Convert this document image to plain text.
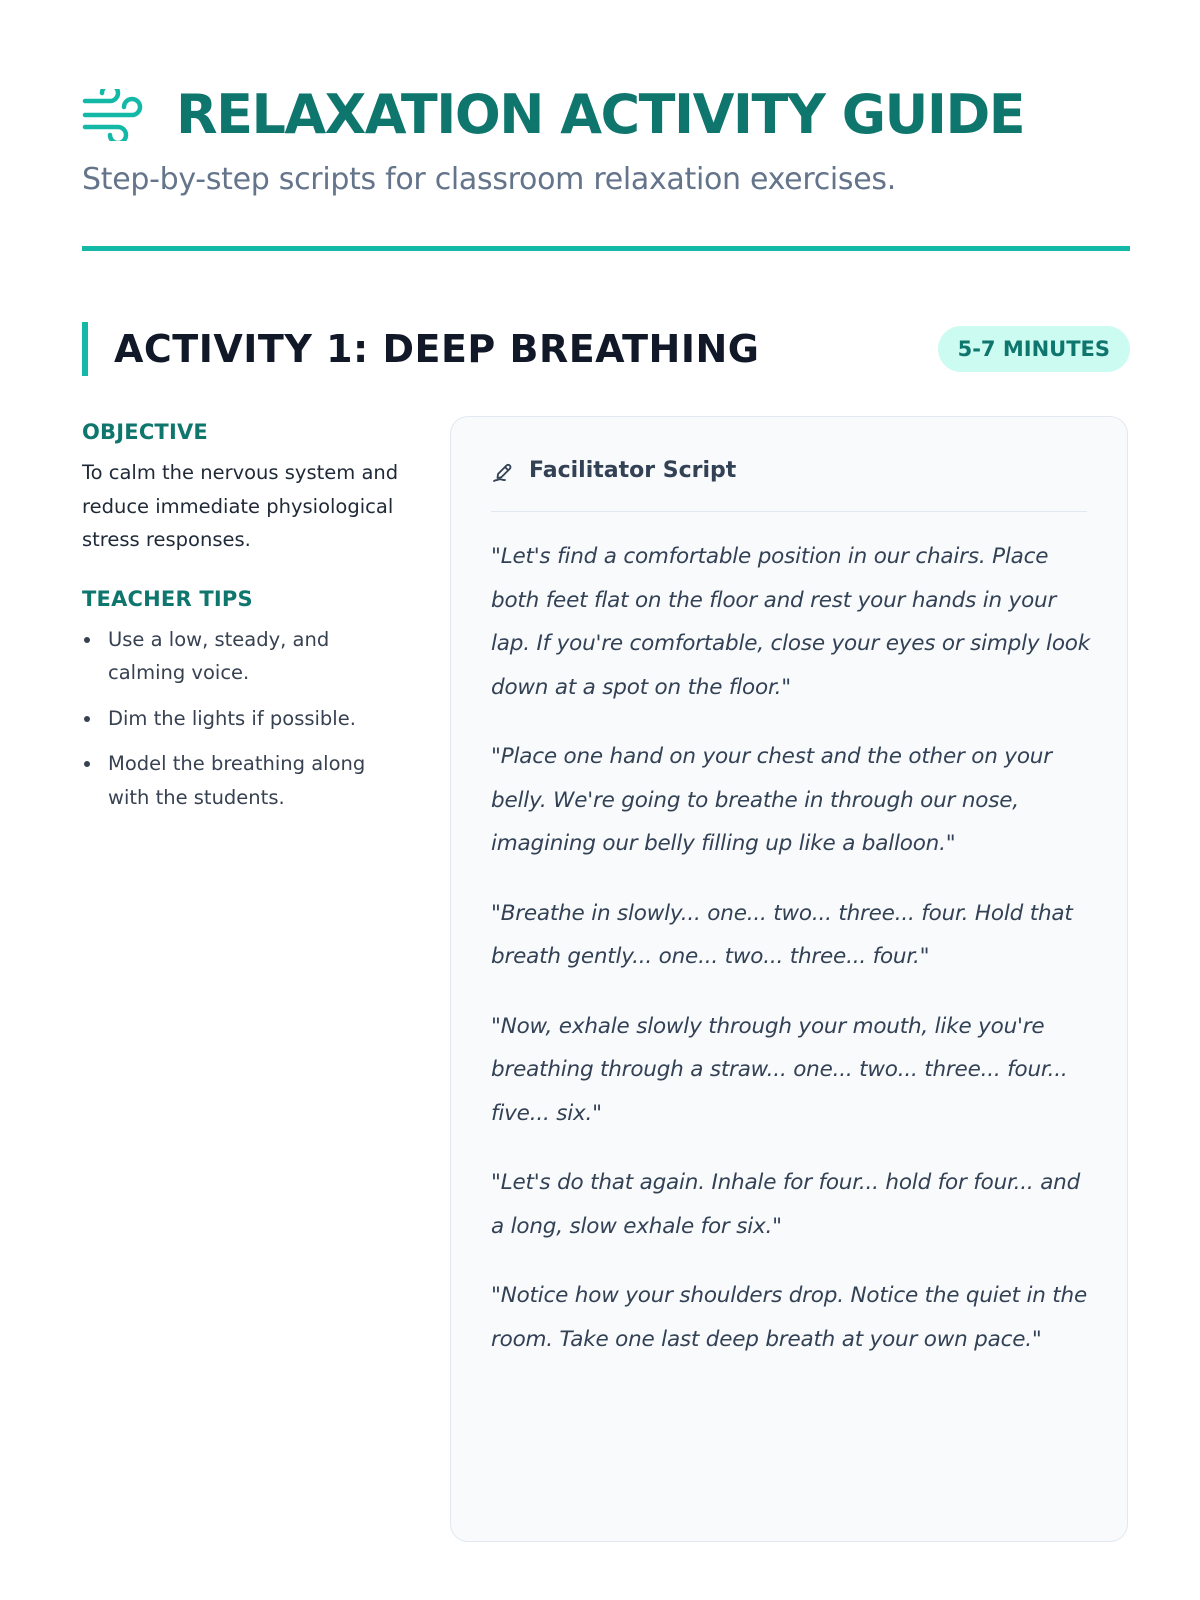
RELAXATION ACTIVITY GUIDE
Step-by-step scripts for classroom relaxation exercises.
ACTIVITY 1: DEEP BREATHING	5-7 MINUTES
OBJECTIVE
To calm the nervous system and reduce immediate physiological stress responses.
TEACHER TIPS
Use a low, steady, and calming voice.
Dim the lights if possible.
Model the breathing along with the students.
Facilitator Script

"Let's find a comfortable position in our chairs. Place both feet flat on the floor and rest your hands in your lap. If you're comfortable, close your eyes or simply look down at a spot on the floor."

"Place one hand on your chest and the other on your belly. We're going to breathe in through our nose, imagining our belly filling up like a balloon."

"Breathe in slowly... one... two... three... four. Hold that breath gently... one... two... three... four."

"Now, exhale slowly through your mouth, like you're breathing through a straw... one... two... three... four... five... six."

"Let's do that again. Inhale for four... hold for four... and a long, slow exhale for six."

"Notice how your shoulders drop. Notice the quiet in the room. Take one last deep breath at your own pace."
